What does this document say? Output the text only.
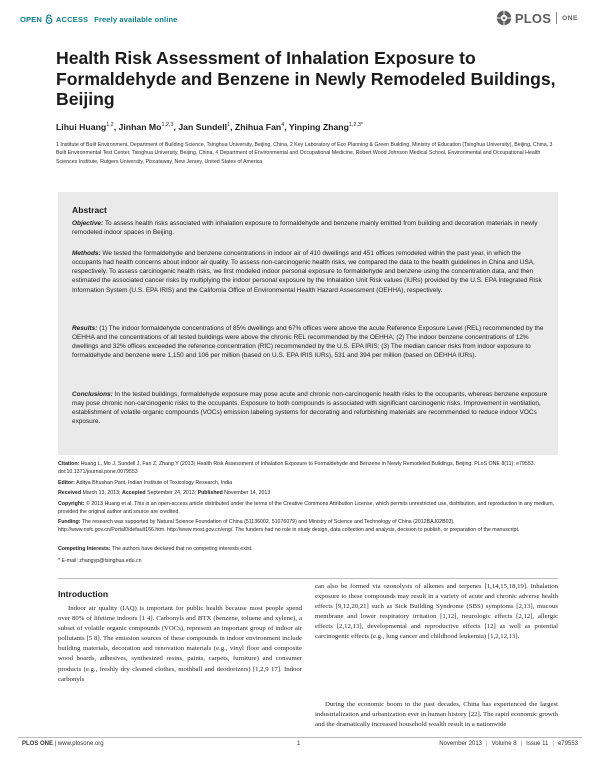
OPEN ACCESS Freely available online	PLOS ONE
Health Risk Assessment of Inhalation Exposure to Formaldehyde and Benzene in Newly Remodeled Buildings, Beijing
Lihui Huang$^{1,2}$, Jinhan Mo$^{1,2,3}$, Jan Sundell$^1$, Zhihua Fan$^4$, Yinping Zhang$^{1,2,3*}$

1 Institute of Built Environment, Department of Building Science, Tsinghua University, Beijing, China, 2 Key Laboratory of Eco Planning & Green Building, Ministry of Education (Tsinghua University), Beijing, China, 3 Built Environmental Test Center, Tsinghua University, Beijing, China, 4 Department of Environmental and Occupational Medicine, Robert Wood Johnson Medical School, Environmental and Occupational Health Sciences Institute, Rutgers University, Piscataway, New Jersey, United States of America

Abstract

Objective: To assess health risks associated with inhalation exposure to formaldehyde and benzene mainly emitted from building and decoration materials in newly remodeled indoor spaces in Beijing.

Methods: We tested the formaldehyde and benzene concentrations in indoor air of 410 dwellings and 451 offices remodeled within the past year, in which the occupants had health concerns about indoor air quality. To assess non-carcinogenic health risks, we compared the data to the health guidelines in China and USA, respectively. To assess carcinogenic health risks, we first modeled indoor personal exposure to formaldehyde and benzene using the concentration data, and then estimated the associated cancer risks by multiplying the indoor personal exposure by the Inhalation Unit Risk values (IURs) provided by the U.S. EPA Integrated Risk Information System (U.S. EPA IRIS) and the California Office of Environmental Health Hazard Assessment (OEHHA), respectively.

Results: (1) The indoor formaldehyde concentrations of 85% dwellings and 67% offices were above the acute Reference Exposure Level (REL) recommended by the OEHHA and the concentrations of all tested buildings were above the chronic REL recommended by the OEHHA; (2) The indoor benzene concentrations of 12% dwellings and 32% offices exceeded the reference concentration (RfC) recommended by the U.S. EPA IRIS; (3) The median cancer risks from indoor exposure to formaldehyde and benzene were 1,150 and 106 per million (based on U.S. EPA IRIS IURs), 531 and 394 per million (based on OEHHA IURs).

Conclusions: In the tested buildings, formaldehyde exposure may pose acute and chronic non-carcinogenic health risks to the occupants, whereas benzene exposure may pose chronic non-carcinogenic risks to the occupants. Exposure to both compounds is associated with significant carcinogenic risks. Improvement in ventilation, establishment of volatile organic compounds (VOCs) emission labeling systems for decorating and refurbishing materials are recommended to reduce indoor VOCs exposure.

Citation: Huang L, Mo J, Sundell J, Fan Z, Zhang Y (2013) Health Risk Assessment of Inhalation Exposure to Formaldehyde and Benzene in Newly Remodeled Buildings, Beijing. PLoS ONE 8(11): e79553. doi:10.1371/journal.pone.0079553

Editor: Aditya Bhushan Pant, Indian Institute of Toxicology Research, India

Received March 13, 2013; Accepted September 24, 2013; Published November 14, 2013

Copyright: © 2013 Huang et al. This is an open-access article distributed under the terms of the Creative Commons Attribution License, which permits unrestricted use, distribution, and reproduction in any medium, provided the original author and source are credited.

Funding: The research was supported by Natural Science Foundation of China (51136002, 51076079) and Ministry of Science and Technology of China (2012BAJ02B03). http://www.nsfc.gov.cn/Portal0/default166.htm. http://www.most.gov.cn/eng/. The funders had no role in study design, data collection and analysis, decision to publish, or preparation of the manuscript.

Competing Interests: The authors have declared that no competing interests exist.

* E-mail: zhangyp@tsinghua.edu.cn

Introduction

Indoor air quality (IAQ) is important for public health because most people spend over 80% of lifetime indoors [1 4]. Carbonyls and BTX (benzene, toluene and xylene), a subset of volatile organic compounds (VOCs), represent an important group of indoor air pollutants [5 8]. The emission sources of these compounds in indoor environment include building materials, decoration and renovation materials (e.g., vinyl floor and composite wood boards, adhesives, synthesized resins, paints, carpets, furniture) and consumer products (e.g., freshly dry cleaned clothes, mothball and deodorizers) [1,2,9 17]. Indoor carbonyls

can also be formed via ozonolysis of alkenes and terpenes [1,14,15,18,19]. Inhalation exposure to these compounds may result in a variety of acute and chronic adverse health effects [9,12,20,21] such as Sick Building Syndrome (SBS) symptoms [2,13], mucous membrane and lower respiratory irritation [1,12], neurologic effects [2,12], allergic effects [2,12,13], developmental and reproductive effects [12] as well as potential carcinogenic effects (e.g., lung cancer and childhood leukemia) [1,2,12,13].

During the economic boom in the past decades, China has experienced the largest industrialization and urbanization ever in human history [22]. The rapid economic growth and the dramatically increased household wealth result in a nationwide

PLOS ONE | www.plosone.org	1	November 2013 | Volume 8 | Issue 11 | e79553
